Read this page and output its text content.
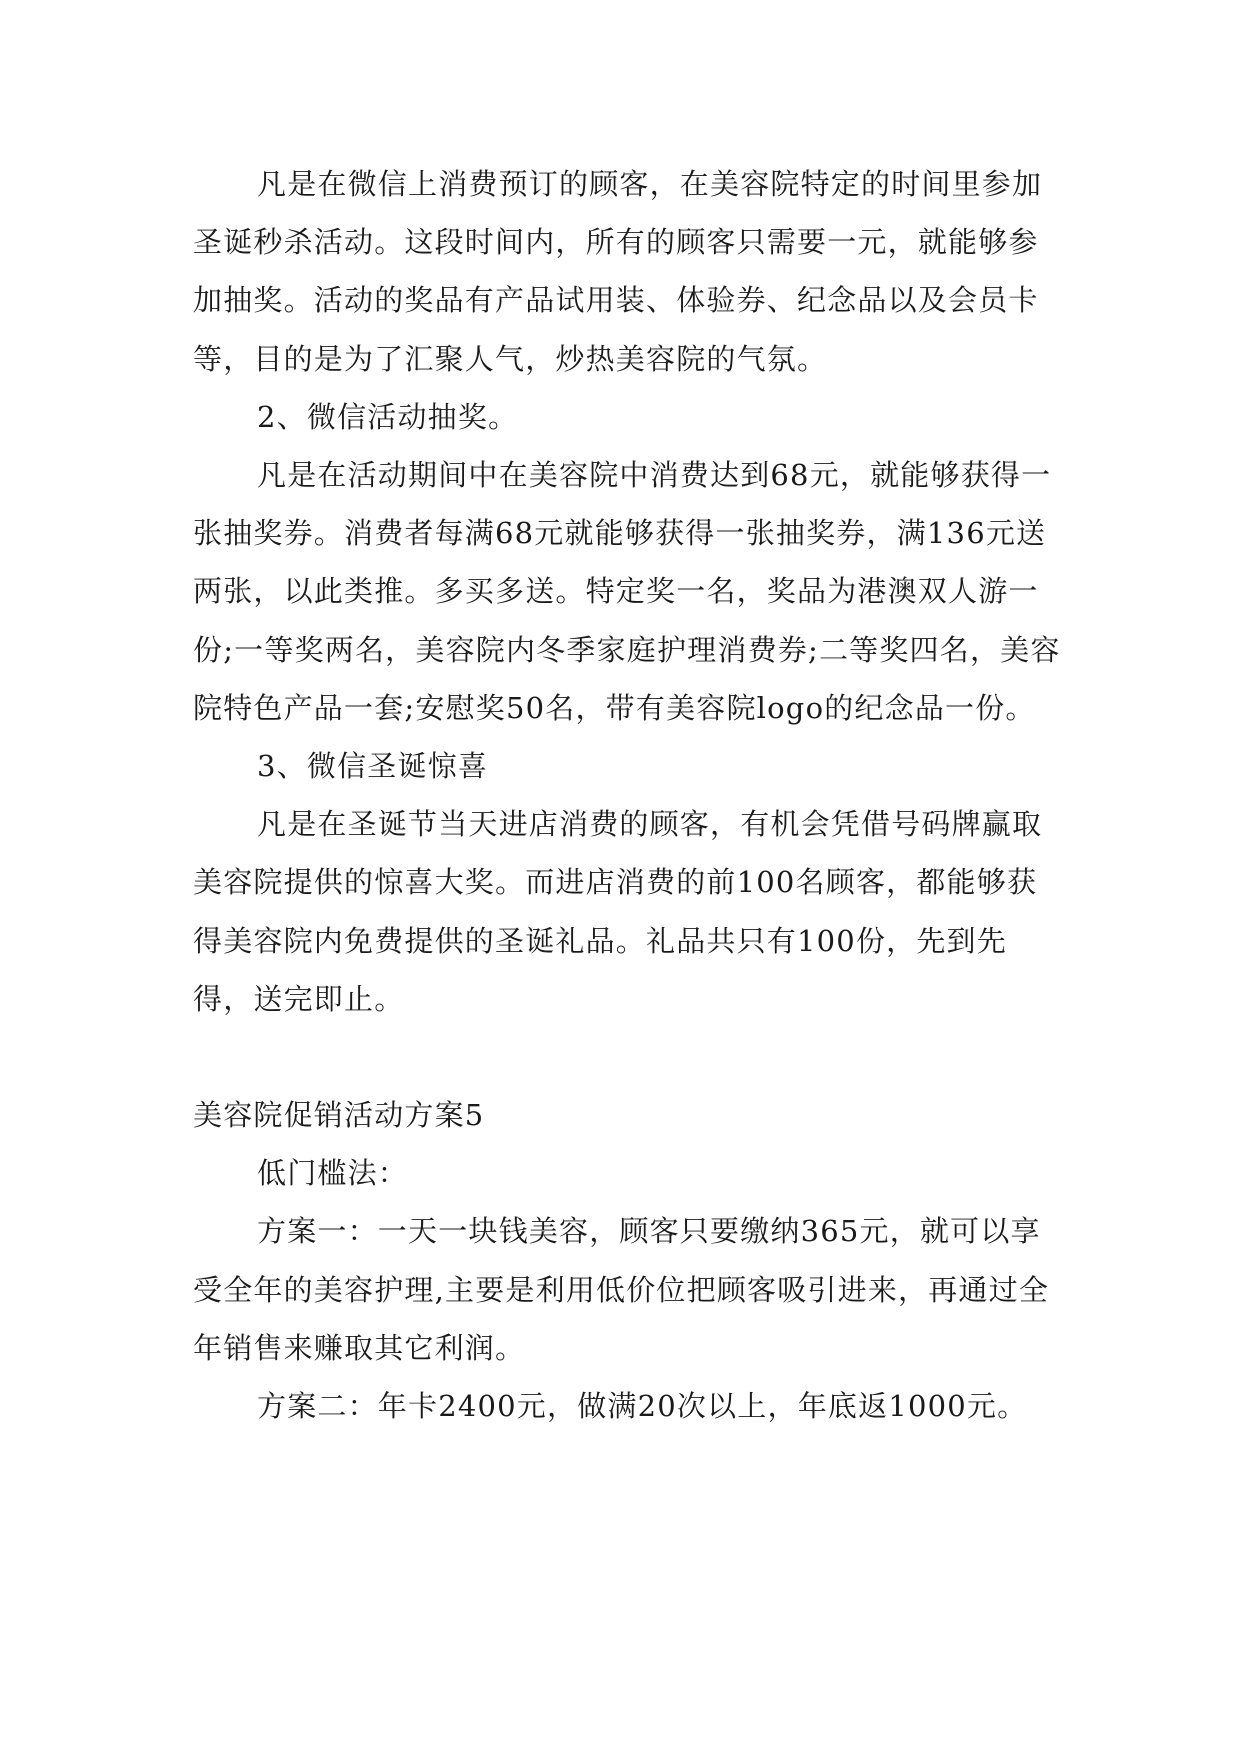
凡是在微信上消费预订的顾客，在美容院特定的时间里参加圣诞秒杀活动。这段时间内，所有的顾客只需要一元，就能够参加抽奖。活动的奖品有产品试用装、体验券、纪念品以及会员卡等，目的是为了汇聚人气，炒热美容院的气氛。

2、微信活动抽奖。

凡是在活动期间中在美容院中消费达到68元，就能够获得一张抽奖券。消费者每满68元就能够获得一张抽奖券，满136元送两张，以此类推。多买多送。特定奖一名，奖品为港澳双人游一份;一等奖两名，美容院内冬季家庭护理消费券;二等奖四名，美容院特色产品一套;安慰奖50名，带有美容院logo的纪念品一份。

3、微信圣诞惊喜

凡是在圣诞节当天进店消费的顾客，有机会凭借号码牌赢取美容院提供的惊喜大奖。而进店消费的前100名顾客，都能够获得美容院内免费提供的圣诞礼品。礼品共只有100份，先到先得，送完即止。

美容院促销活动方案5

低门槛法：

方案一：一天一块钱美容，顾客只要缴纳365元，就可以享受全年的美容护理,主要是利用低价位把顾客吸引进来，再通过全年销售来赚取其它利润。

方案二：年卡2400元，做满20次以上，年底返1000元。
